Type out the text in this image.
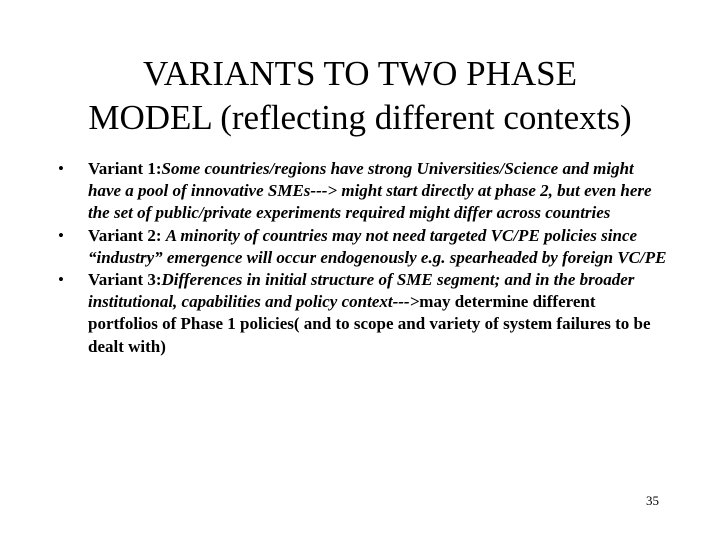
VARIANTS TO TWO PHASE
MODEL (reflecting different contexts)
•	Variant 1:Some countries/regions have strong Universities/Science and might have a pool of innovative SMEs---> might start directly at phase 2, but even here the set of public/private experiments required might differ across countries
•	Variant 2: A minority of countries may not need targeted VC/PE policies since “industry” emergence will occur endogenously e.g. spearheaded by foreign VC/PE
•	Variant 3:Differences in initial structure of SME segment; and in the broader institutional, capabilities and policy context--->may determine different portfolios of Phase 1 policies( and to scope and variety of system failures to be dealt with)
35
